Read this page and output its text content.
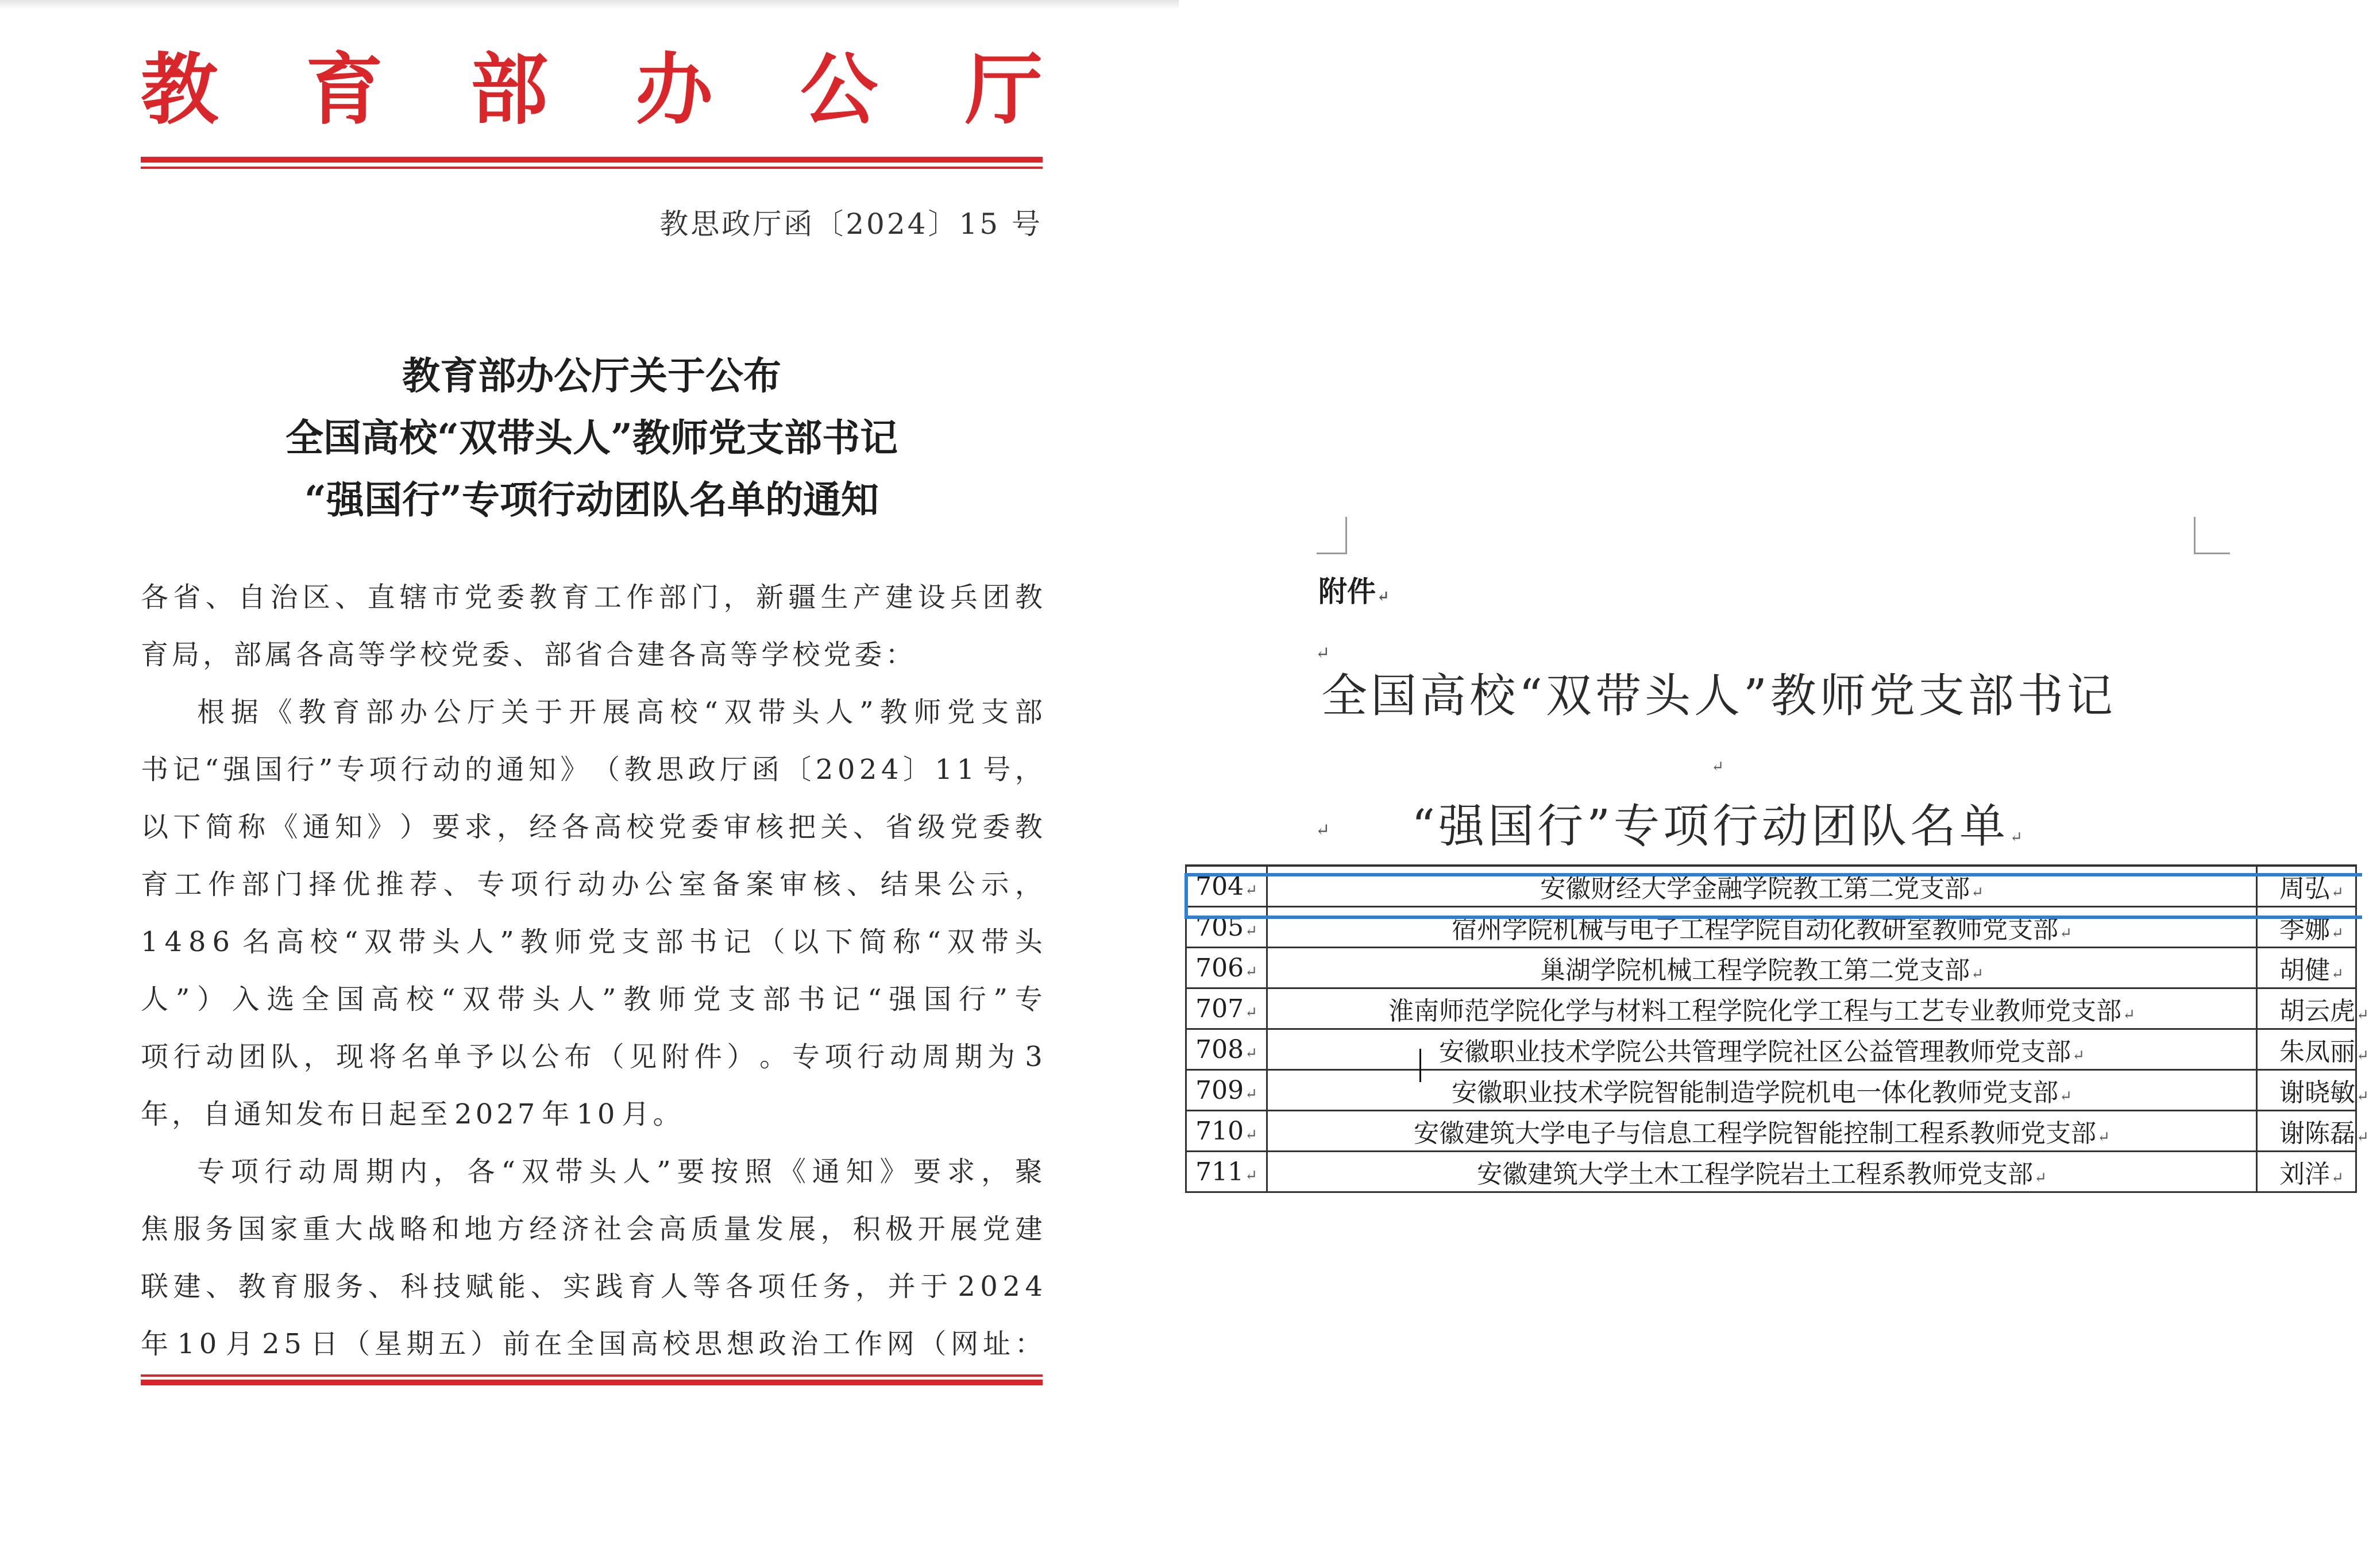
教 育 部 办 公 厅
教思政厅函〔2024〕15 号
教育部办公厅关于公布
全国高校“双带头人”教师党支部书记
“强国行”专项行动团队名单的通知
各 省 、 自 治 区 、 直 辖 市 党 委 教 育 工 作 部 门 ， 新 疆 生 产 建 设 兵 团 教
育 局 ， 部 属 各 高 等 学 校 党 委 、 部 省 合 建 各 高 等 学 校 党 委 ：
根 据 《 教 育 部 办 公 厅 关 于 开 展 高 校 “ 双 带 头 人 ” 教 师 党 支 部
书 记 “ 强 国 行 ” 专 项 行 动 的 通 知 》 （ 教 思 政 厅 函 〔 2 0 2 4 〕 1 1 号 ，
以 下 简 称 《 通 知 》 ） 要 求 ， 经 各 高 校 党 委 审 核 把 关 、 省 级 党 委 教
育 工 作 部 门 择 优 推 荐 、 专 项 行 动 办 公 室 备 案 审 核 、 结 果 公 示 ，
1 4 8 6 名 高 校 “ 双 带 头 人 ” 教 师 党 支 部 书 记 （ 以 下 简 称 “ 双 带 头
人 ” ） 入 选 全 国 高 校 “ 双 带 头 人 ” 教 师 党 支 部 书 记 “ 强 国 行 ” 专
项 行 动 团 队 ， 现 将 名 单 予 以 公 布 （ 见 附 件 ） 。 专 项 行 动 周 期 为 3
年 ， 自 通 知 发 布 日 起 至 2 0 2 7 年 1 0 月 。
专 项 行 动 周 期 内 ， 各 “ 双 带 头 人 ” 要 按 照 《 通 知 》 要 求 ， 聚
焦 服 务 国 家 重 大 战 略 和 地 方 经 济 社 会 高 质 量 发 展 ， 积 极 开 展 党 建
联 建 、 教 育 服 务 、 科 技 赋 能 、 实 践 育 人 等 各 项 任 务 ， 并 于 2 0 2 4
年 1 0 月 2 5 日 （ 星 期 五 ） 前 在 全 国 高 校 思 想 政 治 工 作 网 （ 网 址 ：
附件↵
↵
全国高校“双带头人”教师党支部书记↵
“强国行”专项行动团队名单↵
↵
704↵	安徽财经大学金融学院教工第二党支部↵	周弘↵
705↵	宿州学院机械与电子工程学院自动化教研室教师党支部↵	李娜↵
706↵	巢湖学院机械工程学院教工第二党支部↵	胡健↵
707↵	淮南师范学院化学与材料工程学院化学工程与工艺专业教师党支部↵	胡云虎↵
708↵	安徽职业技术学院公共管理学院社区公益管理教师党支部↵	朱凤丽↵
709↵	安徽职业技术学院智能制造学院机电一体化教师党支部↵	谢晓敏↵
710↵	安徽建筑大学电子与信息工程学院智能控制工程系教师党支部↵	谢陈磊↵
711↵	安徽建筑大学土木工程学院岩土工程系教师党支部↵	刘洋↵
